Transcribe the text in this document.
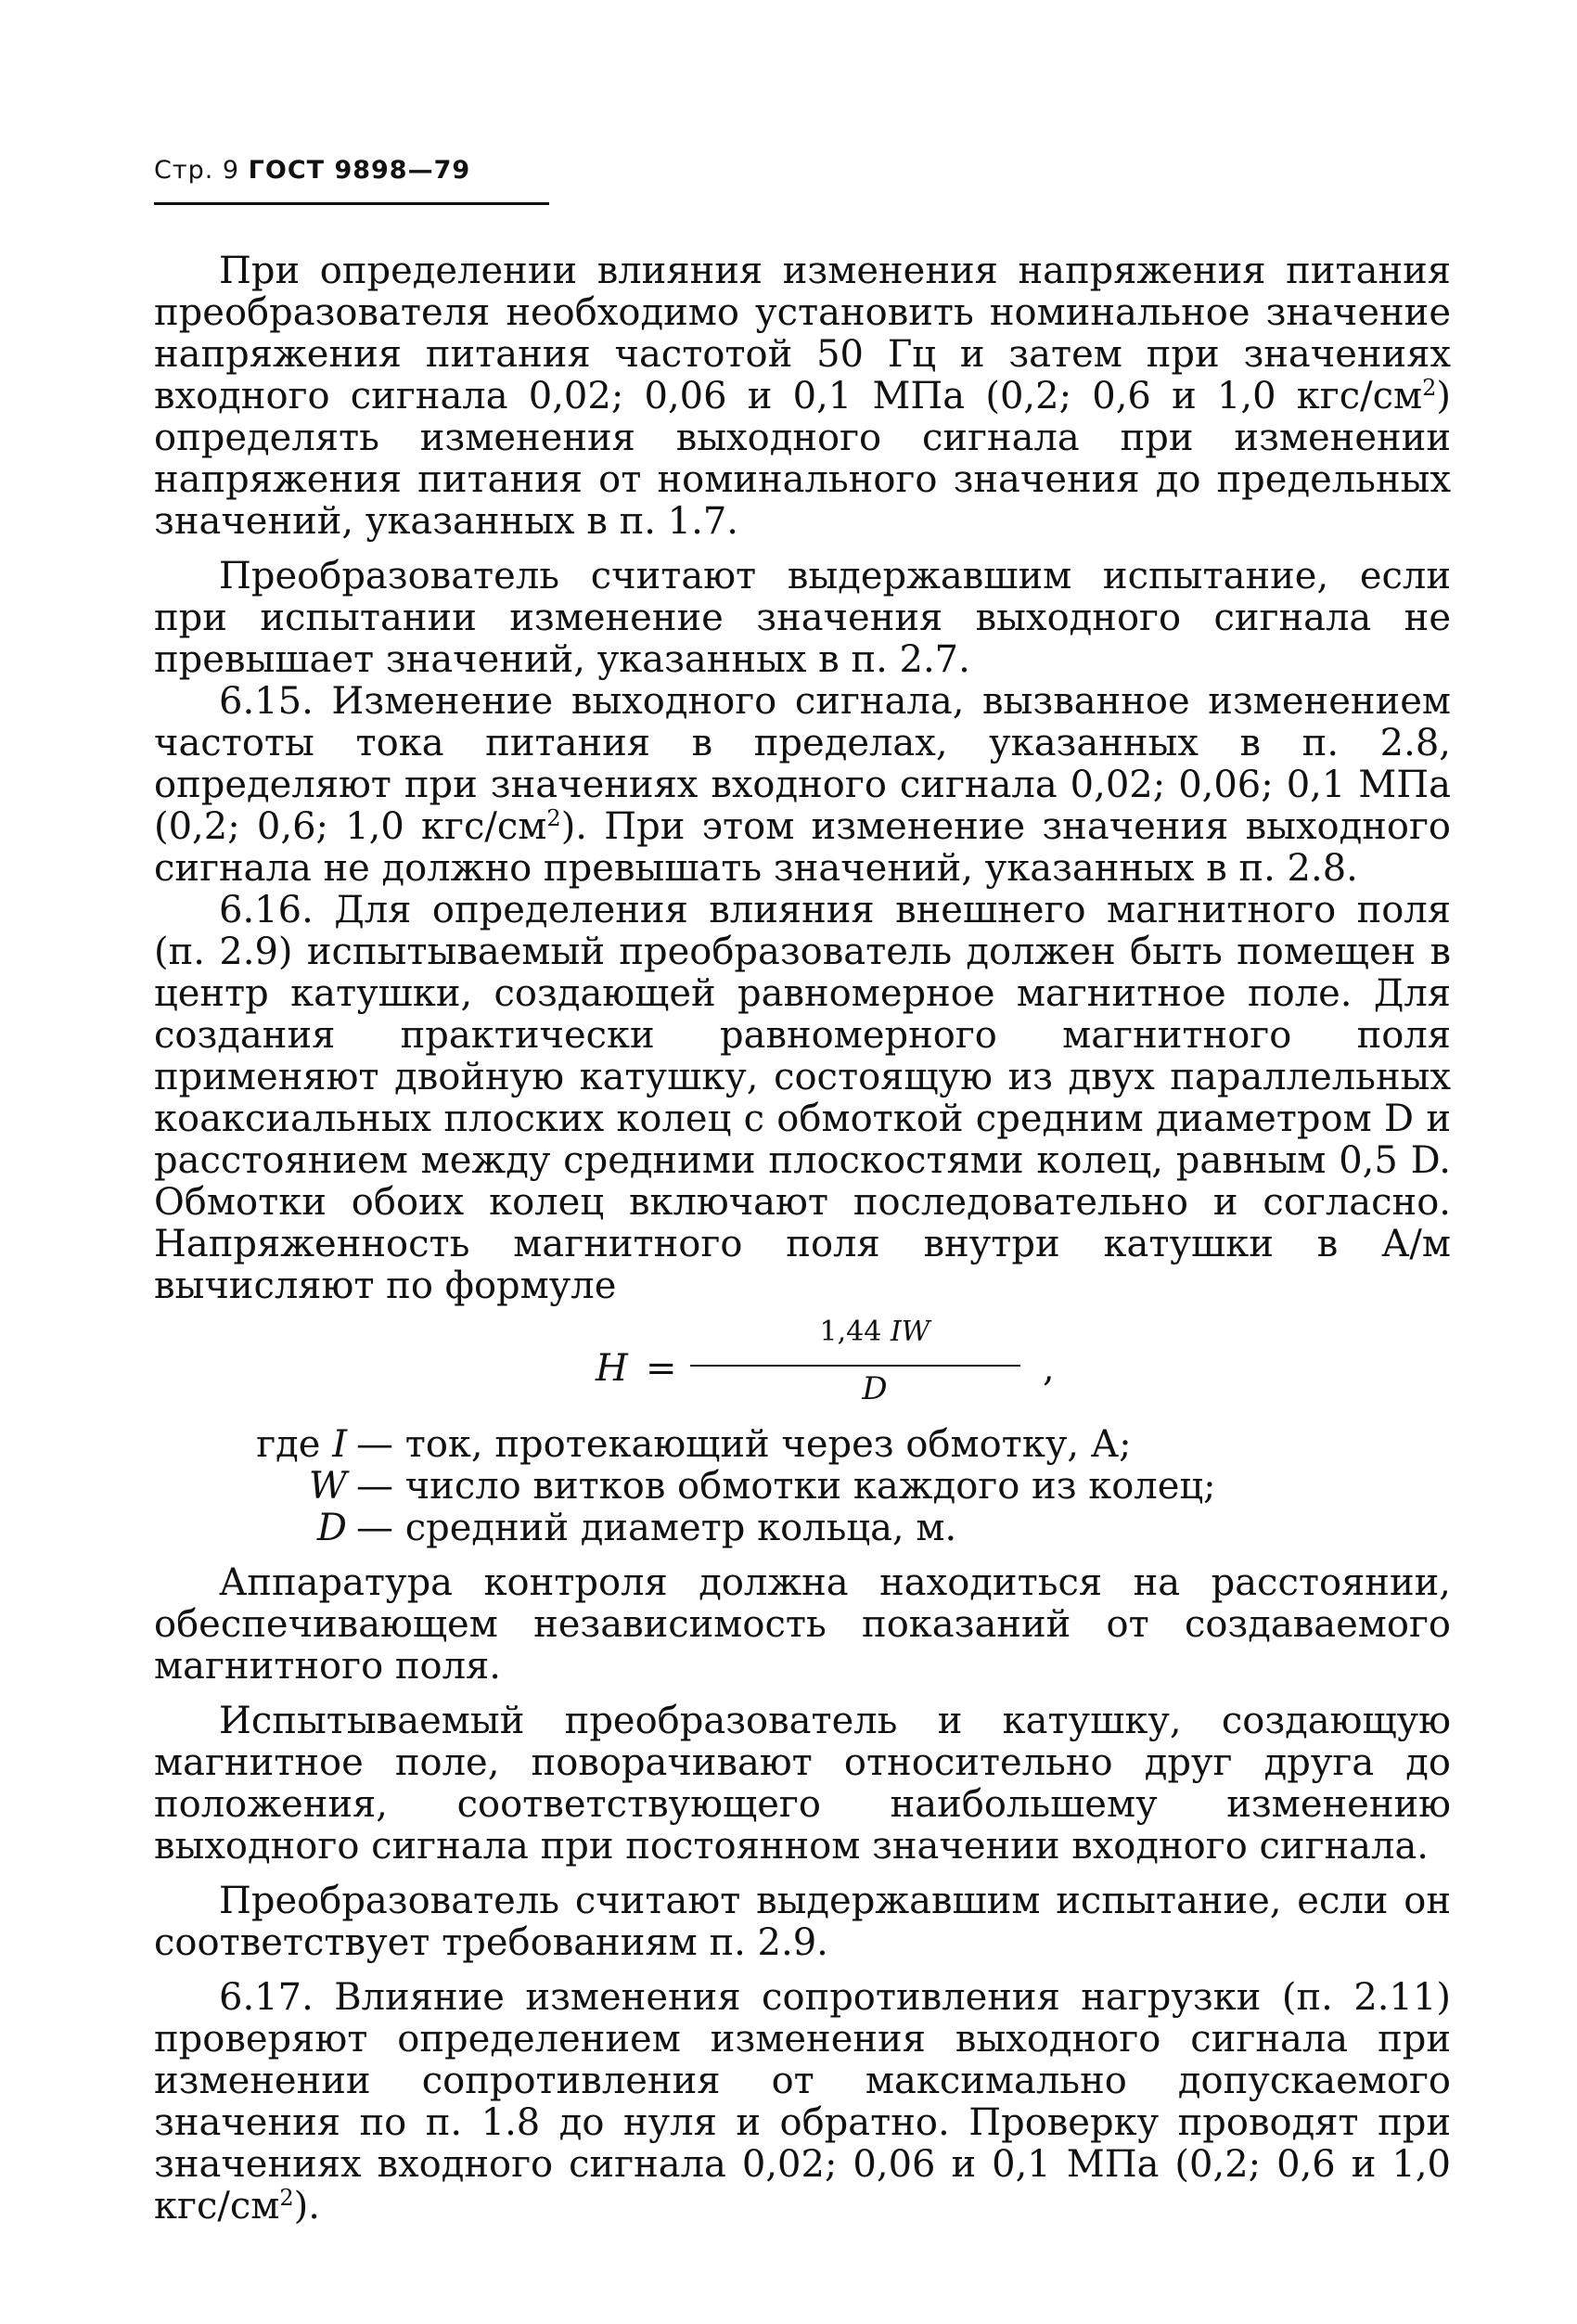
Стр. 9 ГОСТ 9898—79

При определении влияния изменения напряжения питания преобразователя необходимо установить номинальное значение напряжения питания частотой 50 Гц и затем при значениях входного сигнала 0,02; 0,06 и 0,1 МПа (0,2; 0,6 и 1,0 кгс/$см^2$) определять изменения выходного сигнала при изменении напряжения питания от номинального значения до предельных значений, указанных в п. 1.7.

Преобразователь считают выдержавшим испытание, если при испытании изменение значения выходного сигнала не превышает значений, указанных в п. 2.7.

6.15. Изменение выходного сигнала, вызванное изменением частоты тока питания в пределах, указанных в п. 2.8, определяют при значениях входного сигнала 0,02; 0,06; 0,1 МПа (0,2; 0,6; 1,0 кгс/$см^2$). При этом изменение значения выходного сигнала не должно превышать значений, указанных в п. 2.8.

6.16. Для определения влияния внешнего магнитного поля (п. 2.9) испытываемый преобразователь должен быть помещен в центр катушки, создающей равномерное магнитное поле. Для создания практически равномерного магнитного поля применяют двойную катушку, состоящую из двух параллельных коаксиальных плоских колец с обмоткой средним диаметром D и расстоянием между средними плоскостями колец, равным 0,5 D. Обмотки обоих колец включают последовательно и согласно. Напряженность магнитного поля внутри катушки в А/м вычисляют по формуле

H =
1,44 IW
D	,
где I — ток, протекающий через обмотку, А;
W — число витков обмотки каждого из колец;
D — средний диаметр кольца, м.

Аппаратура контроля должна находиться на расстоянии, обеспечивающем независимость показаний от создаваемого магнитного поля.

Испытываемый преобразователь и катушку, создающую магнитное поле, поворачивают относительно друг друга до положения, соответствующего наибольшему изменению выходного сигнала при постоянном значении входного сигнала.

Преобразователь считают выдержавшим испытание, если он соответствует требованиям п. 2.9.

6.17. Влияние изменения сопротивления нагрузки (п. 2.11) проверяют определением изменения выходного сигнала при изменении сопротивления от максимально допускаемого значения по п. 1.8 до нуля и обратно. Проверку проводят при значениях входного сигнала 0,02; 0,06 и 0,1 МПа (0,2; 0,6 и 1,0 кгс/$см^2$).
